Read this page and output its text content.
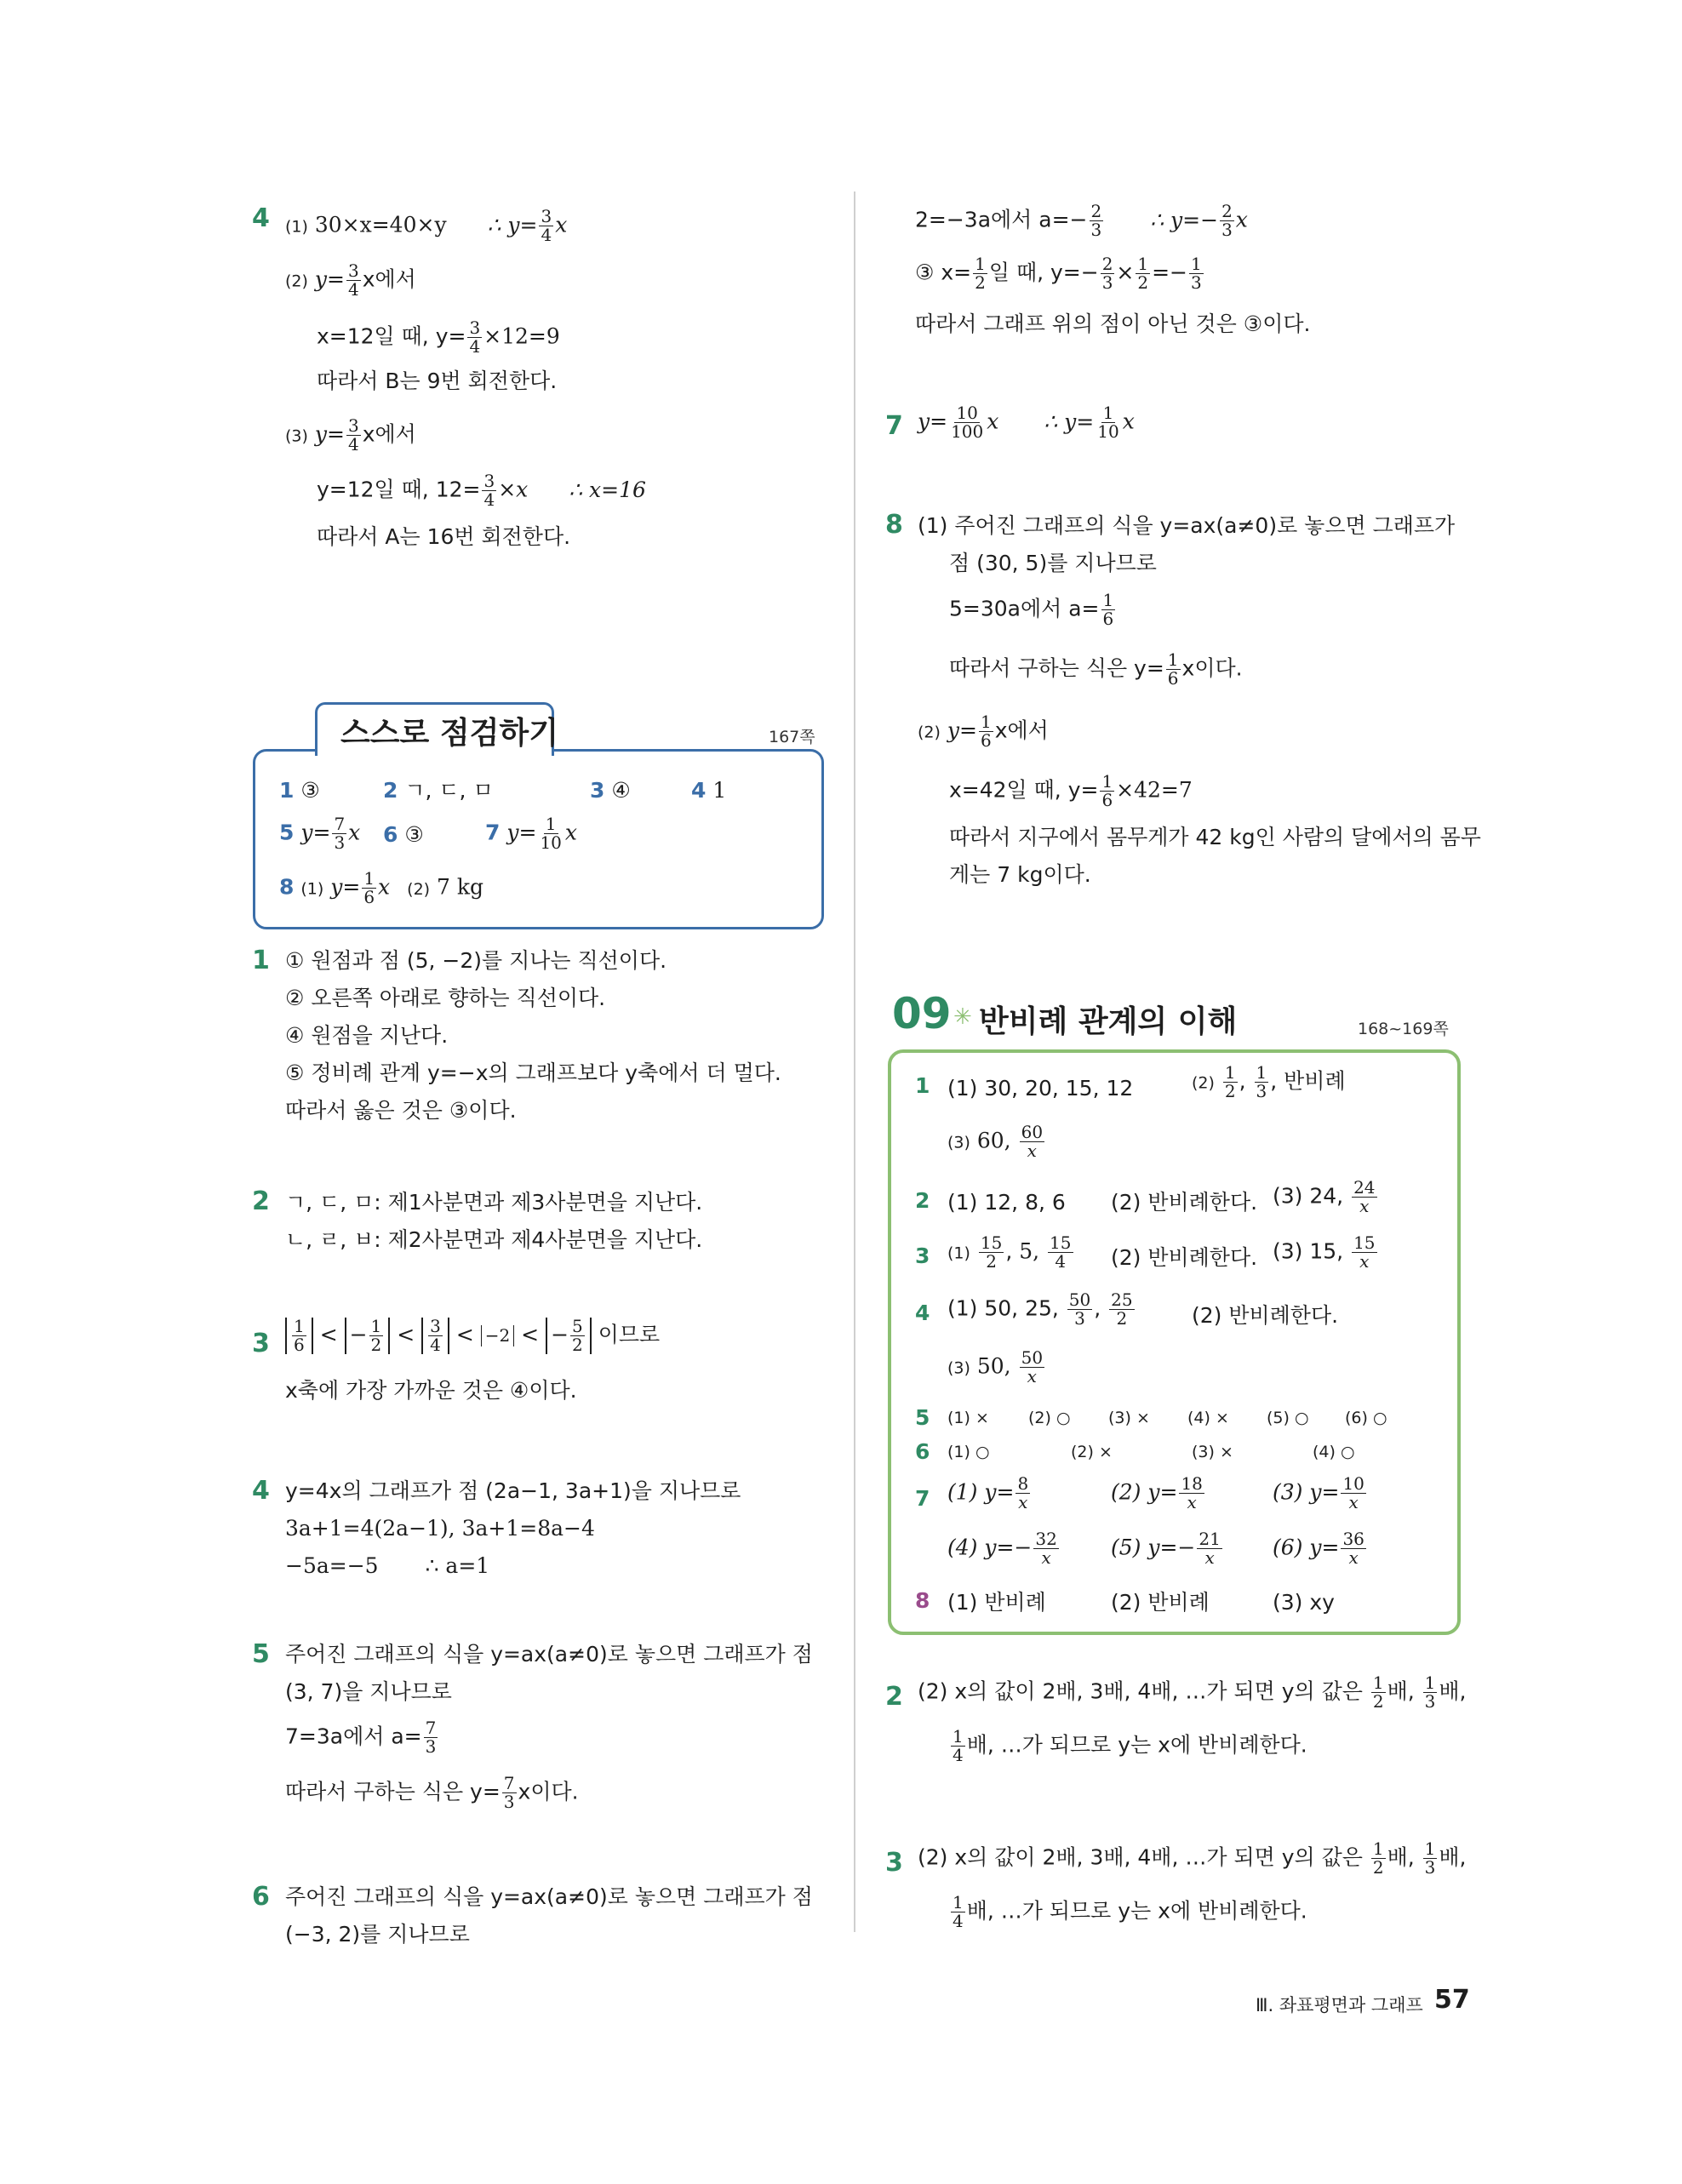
4 (1) 30×x=40×y ∴ $y= \frac{3}{4}$ x
(2) $y= \frac{3}{4}$ x에서
x=12일 때, $y= \frac{3}{4} \times 12=9$
따라서 B는 9번 회전한다.
(3) $y= \frac{3}{4}$ x에서
y=12일 때, $12= \frac{3}{4} \times x$ ∴ x=16
따라서 A는 16번 회전한다.
스스로 점검하기	167쪽
1 ③	2 ㄱ, ㄷ, ㅁ	3 ④	4 1
5 $y= \frac{7}{3}$ x 6 ③	7 $y= \frac{1}{10}$ x
8 (1) $y= \frac{1}{6}$ x (2) 7 kg
1 ① 원점과 점 (5, −2)를 지나는 직선이다.
② 오른쪽 아래로 향하는 직선이다.
④ 원점을 지난다.
⑤ 정비례 관계 y=−x의 그래프보다 y축에서 더 멀다.
따라서 옳은 것은 ③이다.
2 ㄱ, ㄷ, ㅁ: 제1사분면과 제3사분면을 지난다.
ㄴ, ㄹ, ㅂ: 제2사분면과 제4사분면을 지난다.
$3 \frac{1}{6}$ < − $\frac{1}{2} < \frac{3}{4} < -2$ < − $\frac{5}{2}$ 이므로
x축에 가장 가까운 것은 ④이다.
4 y=4x의 그래프가 점 (2a−1, 3a+1)을 지나므로
3a+1=4(2a−1), 3a+1=8a−4
−5a=−5 ∴ a=1
5 주어진 그래프의 식을 y=ax(a≠0)로 놓으면 그래프가 점
(3, 7)을 지나므로
7=3a에서 $a= \frac{7}{3}$
따라서 구하는 식은 $y= \frac{7}{3}$ x이다.
6 주어진 그래프의 식을 y=ax(a≠0)로 놓으면 그래프가 점
(−3, 2)를 지나므로
2=−3a에서 $a=- \frac{2}{3}$ ∴ $y=- \frac{2}{3}$ x
③ $x= \frac{1}{2}$ 일 때, $y=- \frac{2}{3} \times \frac{1}{2} =- \frac{1}{3}$
따라서 그래프 위의 점이 아닌 것은 ③이다.
7 $y= \frac{10}{100}$ x ∴ $y= \frac{1}{10}$ x
8 (1) 주어진 그래프의 식을 y=ax(a≠0)로 놓으면 그래프가
점 (30, 5)를 지나므로
5=30a에서 $a= \frac{1}{6}$
따라서 구하는 식은 $y= \frac{1}{6}$ x이다.
(2) $y= \frac{1}{6}$ x에서
x=42일 때, $y= \frac{1}{6} \times 42=7$
따라서 지구에서 몸무게가 42 kg인 사람의 달에서의 몸무
게는 7 kg이다.
09 ✳ 반비례 관계의 이해	168~169쪽
1 (1) 30, 20, 15, 12	$(2) \frac{1}{2}$ , $\frac{1}{3}$ , 반비례
(3) 60, $\frac{60}{x}$
2 (1) 12, 8, 6 (2) 반비례한다. (3) 24, $\frac{24}{x}$
3 $(1) \frac{15}{2}$ , 5, $\frac{15}{4} (2)$ 반비례한다. (3) 15, $\frac{15}{x}$
4 (1) 50, 25, $\frac{50}{3}$ , $\frac{25}{2}$	(2) 반비례한다.
(3) 50, $\frac{50}{x}$
5 (1) × (2) ○ (3) × (4) × (5) ○ (6) ○
6 (1) ○	(2) ×	(3) ×	(4) ○
7 (1) $y= \frac{8}{x}$	(2) $y= \frac{18}{x}$	(3) $y= \frac{10}{x}$
(4) $y=- \frac{32}{x} (5)$ $y=- \frac{21}{x} (6)$ $y= \frac{36}{x}$
8 (1) 반비례	(2) 반비례	(3) xy
2 (2) x의 값이 2배, 3배, 4배, …가 되면 y의 값은 $\frac{1}{2}$ 배, $\frac{1}{3}$ 배,
$\frac{1}{4}$ 배, …가 되므로 y는 x에 반비례한다.
3 (2) x의 값이 2배, 3배, 4배, …가 되면 y의 값은 $\frac{1}{2}$ 배, $\frac{1}{3}$ 배,
$\frac{1}{4}$ 배, …가 되므로 y는 x에 반비례한다.
Ⅲ. 좌표평면과 그래프 57
